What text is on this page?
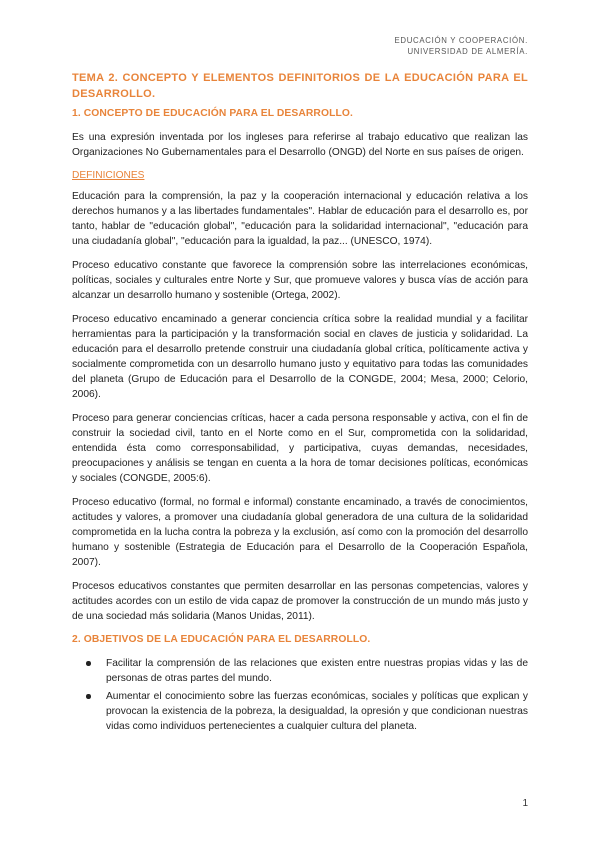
EDUCACIÓN Y COOPERACIÓN.
UNIVERSIDAD DE ALMERÍA.
TEMA 2. CONCEPTO Y ELEMENTOS DEFINITORIOS DE LA EDUCACIÓN PARA EL DESARROLLO.
1. CONCEPTO DE EDUCACIÓN PARA EL DESARROLLO.

Es una expresión inventada por los ingleses para referirse al trabajo educativo que realizan las Organizaciones No Gubernamentales para el Desarrollo (ONGD) del Norte en sus países de origen.

DEFINICIONES

Educación para la comprensión, la paz y la cooperación internacional y educación relativa a los derechos humanos y a las libertades fundamentales". Hablar de educación para el desarrollo es, por tanto, hablar de "educación global", "educación para la solidaridad internacional", "educación para una ciudadanía global", "educación para la igualdad, la paz... (UNESCO, 1974).

Proceso educativo constante que favorece la comprensión sobre las interrelaciones económicas, políticas, sociales y culturales entre Norte y Sur, que promueve valores y busca vías de acción para alcanzar un desarrollo humano y sostenible (Ortega, 2002).

Proceso educativo encaminado a generar conciencia crítica sobre la realidad mundial y a facilitar herramientas para la participación y la transformación social en claves de justicia y solidaridad. La educación para el desarrollo pretende construir una ciudadanía global crítica, políticamente activa y socialmente comprometida con un desarrollo humano justo y equitativo para todas las comunidades del planeta (Grupo de Educación para el Desarrollo de la CONGDE, 2004; Mesa, 2000; Celorio, 2006).

Proceso para generar conciencias críticas, hacer a cada persona responsable y activa, con el fin de construir la sociedad civil, tanto en el Norte como en el Sur, comprometida con la solidaridad, entendida ésta como corresponsabilidad, y participativa, cuyas demandas, necesidades, preocupaciones y análisis se tengan en cuenta a la hora de tomar decisiones políticas, económicas y sociales (CONGDE, 2005:6).

Proceso educativo (formal, no formal e informal) constante encaminado, a través de conocimientos, actitudes y valores, a promover una ciudadanía global generadora de una cultura de la solidaridad comprometida en la lucha contra la pobreza y la exclusión, así como con la promoción del desarrollo humano y sostenible (Estrategia de Educación para el Desarrollo de la Cooperación Española, 2007).

Procesos educativos constantes que permiten desarrollar en las personas competencias, valores y actitudes acordes con un estilo de vida capaz de promover la construcción de un mundo más justo y de una sociedad más solidaria (Manos Unidas, 2011).

2. OBJETIVOS DE LA EDUCACIÓN PARA EL DESARROLLO.
Facilitar la comprensión de las relaciones que existen entre nuestras propias vidas y las de personas de otras partes del mundo.
Aumentar el conocimiento sobre las fuerzas económicas, sociales y políticas que explican y provocan la existencia de la pobreza, la desigualdad, la opresión y que condicionan nuestras vidas como individuos pertenecientes a cualquier cultura del planeta.
1
